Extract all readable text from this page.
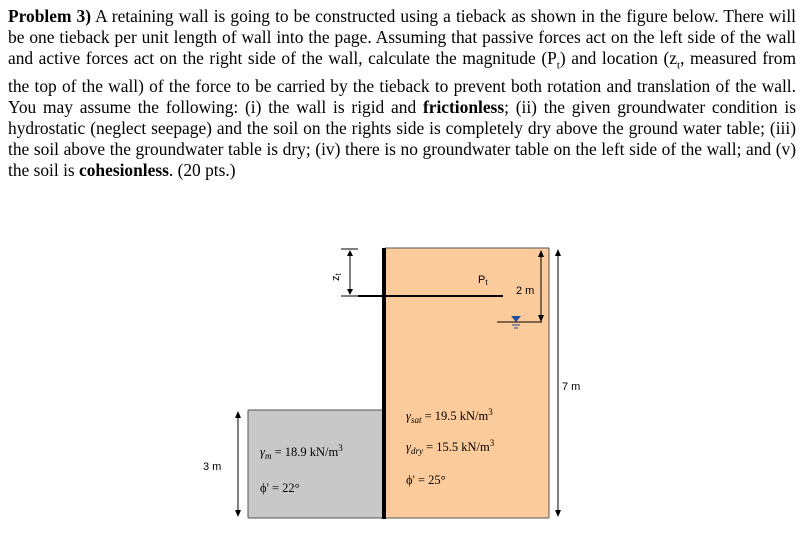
Problem 3) A retaining wall is going to be constructed using a tieback as shown in the figure below. There will be one tieback per unit length of wall into the page. Assuming that passive forces act on the left side of the wall and active forces act on the right side of the wall, calculate the magnitude $(P_t)$ and location ($z_t$, measured from the top of the wall) of the force to be carried by the tieback to prevent both rotation and translation of the wall. You may assume the following: (i) the wall is rigid and frictionless; (ii) the given groundwater condition is hydrostatic (neglect seepage) and the soil on the rights side is completely dry above the ground water table; (iii) the soil above the groundwater table is dry; (iv) there is no groundwater table on the left side of the wall; and (v) the soil is cohesionless. (20 pts.)

zt	Pt
2 m
7 m
3 m
$\gamma_m = 18.9$ $kN/m^3$
ϕ' = 22°
$\gamma_{sat} = 19.5$ $kN/m^3$
$\gamma_{dry} = 15.5$ $kN/m^3$
ϕ' = 25°
